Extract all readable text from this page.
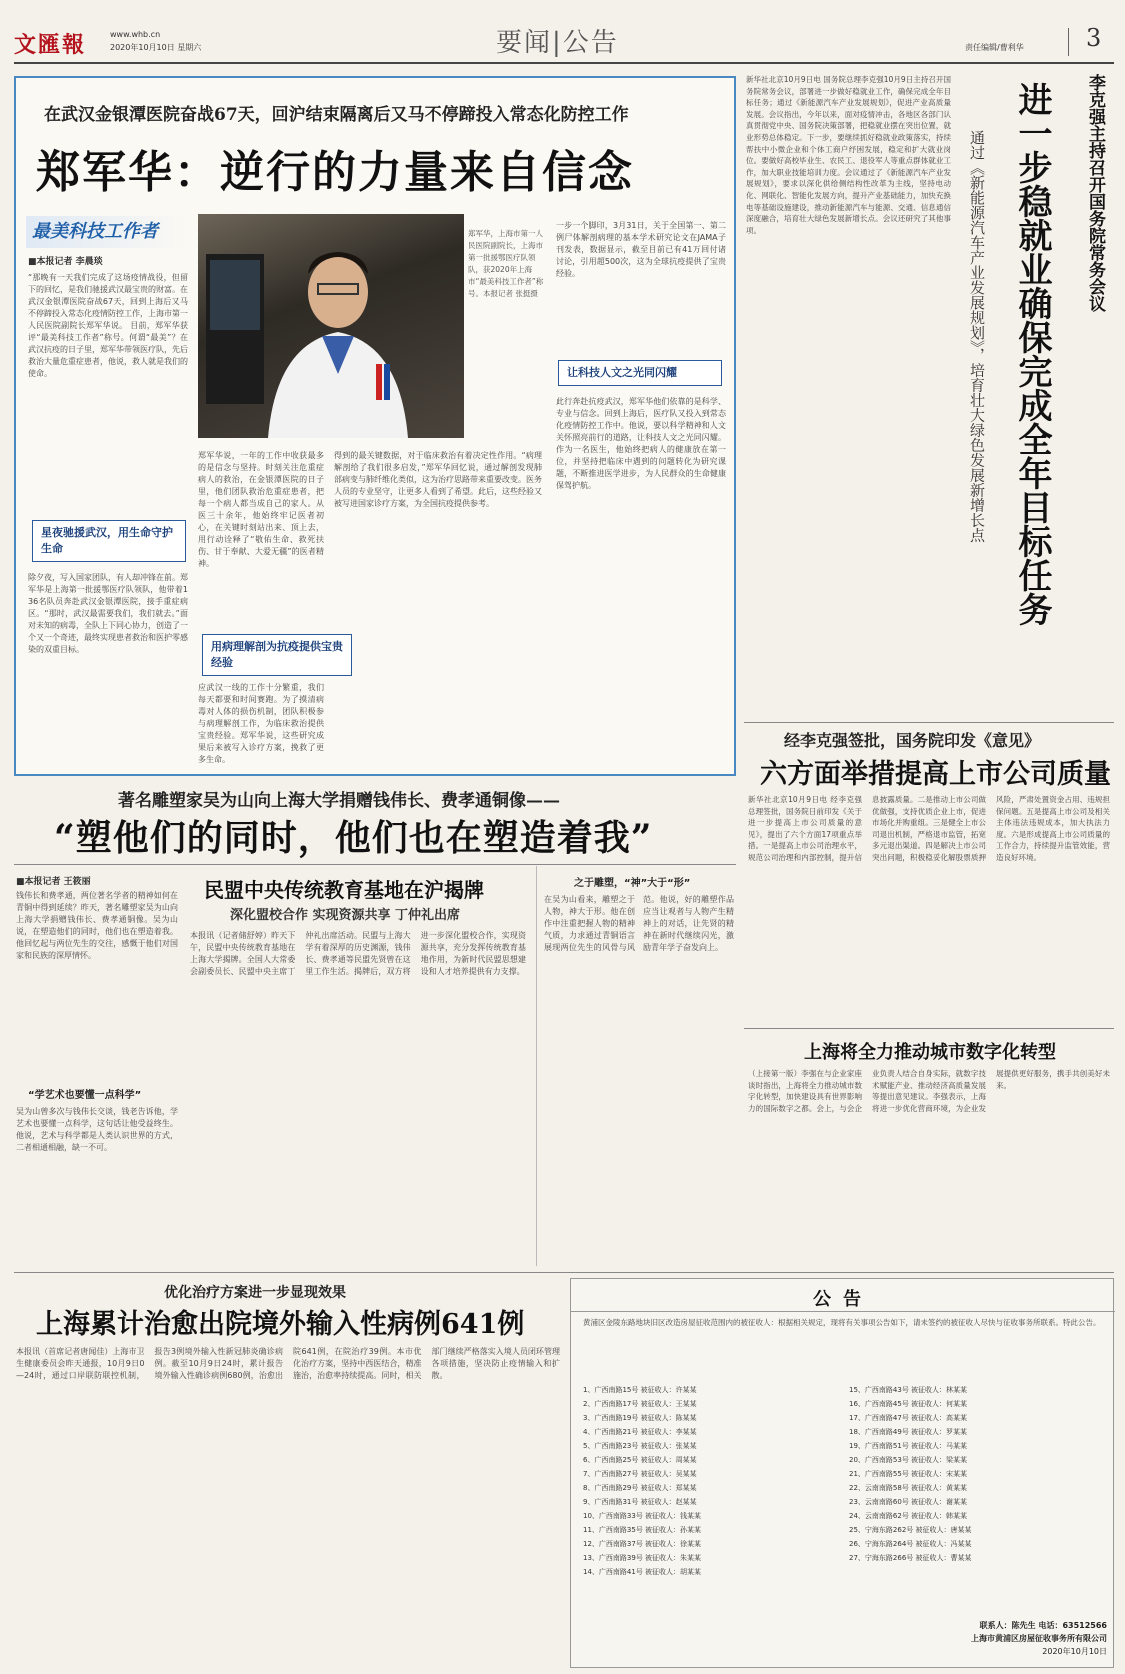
文匯報	www.whb.cn
2020年10月10日 星期六	要闻|公告	责任编辑/曹利华	3
在武汉金银潭医院奋战67天，回沪结束隔离后又马不停蹄投入常态化防控工作
郑军华：逆行的力量来自信念
最美科技工作者
■本报记者 李晨琰
“那晚有一天我们完成了这场疫情战役，但留下的回忆，是我们驰援武汉最宝贵的财富。在武汉金银潭医院奋战67天，回到上海后又马不停蹄投入常态化疫情防控工作，上海市第一人民医院副院长郑军华说。 目前，郑军华获评“最美科技工作者”称号。何谓“最美”？在武汉抗疫的日子里，郑军华带领医疗队，先后救治大量危重症患者，他说，救人就是我们的使命。
星夜驰援武汉，用生命守护生命
除夕夜，写入国家团队，有人却冲锋在前。郑军华是上海第一批援鄂医疗队领队，他带着136名队员奔赴武汉金银潭医院，接手重症病区。“那时，武汉最需要我们，我们就去。”面对未知的病毒，全队上下同心协力，创造了一个又一个奇迹，最终实现患者救治和医护零感染的双重目标。
郑军华，上海市第一人民医院副院长，上海市第一批援鄂医疗队领队，获2020年上海市“最美科技工作者”称号。本报记者 张挺摄
郑军华说，一年的工作中收获最多的是信念与坚持。时刻关注危重症病人的救治，在金银潭医院的日子里，他们团队救治危重症患者，把每一个病人都当成自己的家人。从医三十余年，他始终牢记医者初心，在关键时刻站出来、顶上去，用行动诠释了“敬佑生命、救死扶伤、甘于奉献、大爱无疆”的医者精神。
用病理解剖为抗疫提供宝贵经验
应武汉一线的工作十分繁重，我们每天都要和时间赛跑。为了摸清病毒对人体的损伤机制，团队积极参与病理解剖工作，为临床救治提供宝贵经验。郑军华说，这些研究成果后来被写入诊疗方案，挽救了更多生命。
得到的最关键数据，对于临床救治有着决定性作用。“病理解剖给了我们很多启发，”郑军华回忆说，通过解剖发现肺部病变与肺纤维化类似，这为治疗思路带来重要改变。医务人员的专业坚守，让更多人看到了希望。此后，这些经验又被写进国家诊疗方案，为全国抗疫提供参考。
一步一个脚印，3月31日，关于全国第一、第二例尸体解剖病理的基本学术研究论文在JAMA子刊发表，数据显示，截至目前已有41万回付诸讨论，引用超500次，这为全球抗疫提供了宝贵经验。
让科技人文之光同闪耀
此行奔赴抗疫武汉，郑军华他们依靠的是科学、专业与信念。回到上海后，医疗队又投入到常态化疫情防控工作中。他说，要以科学精神和人文关怀照亮前行的道路，让科技人文之光同闪耀。作为一名医生，他始终把病人的健康放在第一位，并坚持把临床中遇到的问题转化为研究课题，不断推进医学进步，为人民群众的生命健康保驾护航。
新华社北京10月9日电 国务院总理李克强10月9日主持召开国务院常务会议，部署进一步做好稳就业工作，确保完成全年目标任务；通过《新能源汽车产业发展规划》，促进产业高质量发展。会议指出，今年以来，面对疫情冲击，各地区各部门认真贯彻党中央、国务院决策部署，把稳就业摆在突出位置，就业形势总体稳定。下一步，要继续抓好稳就业政策落实，持续帮扶中小微企业和个体工商户纾困发展，稳定和扩大就业岗位。要做好高校毕业生、农民工、退役军人等重点群体就业工作，加大职业技能培训力度。会议通过了《新能源汽车产业发展规划》，要求以深化供给侧结构性改革为主线，坚持电动化、网联化、智能化发展方向，提升产业基础能力，加快充换电等基础设施建设，推动新能源汽车与能源、交通、信息通信深度融合，培育壮大绿色发展新增长点。会议还研究了其他事项。	通过《新能源汽车产业发展规划》，培育壮大绿色发展新增长点 进一步稳就业确保完成全年目标任务	李克强主持召开国务院常务会议
经李克强签批，国务院印发《意见》
六方面举措提高上市公司质量
新华社北京10月9日电 经李克强总理签批，国务院日前印发《关于进一步提高上市公司质量的意见》，提出了六个方面17项重点举措。一是提高上市公司治理水平，规范公司治理和内部控制，提升信息披露质量。二是推动上市公司做优做强，支持优质企业上市，促进市场化并购重组。三是健全上市公司退出机制，严格退市监管，拓宽多元退出渠道。四是解决上市公司突出问题，积极稳妥化解股票质押风险，严肃处置资金占用、违规担保问题。五是提高上市公司及相关主体违法违规成本，加大执法力度。六是形成提高上市公司质量的工作合力，持续提升监管效能，营造良好环境。
上海将全力推动城市数字化转型
（上接第一版）李强在与企业家座谈时指出，上海将全力推动城市数字化转型，加快建设具有世界影响力的国际数字之都。会上，与会企业负责人结合自身实际，就数字技术赋能产业、推动经济高质量发展等提出意见建议。李强表示，上海将进一步优化营商环境，为企业发展提供更好服务，携手共创美好未来。
著名雕塑家吴为山向上海大学捐赠钱伟长、费孝通铜像——
“塑他们的同时，他们也在塑造着我”
■本报记者 王筱丽
钱伟长和费孝通，两位著名学者的精神如何在青铜中得到延续？昨天，著名雕塑家吴为山向上海大学捐赠钱伟长、费孝通铜像。吴为山说，在塑造他们的同时，他们也在塑造着我。他回忆起与两位先生的交往，感慨于他们对国家和民族的深厚情怀。
“学艺术也要懂一点科学”
吴为山曾多次与钱伟长交谈，钱老告诉他，学艺术也要懂一点科学，这句话让他受益终生。他说，艺术与科学都是人类认识世界的方式，二者相通相融，缺一不可。
民盟中央传统教育基地在沪揭牌
深化盟校合作 实现资源共享 丁仲礼出席
本报讯（记者储舒婷）昨天下午，民盟中央传统教育基地在上海大学揭牌。全国人大常委会副委员长、民盟中央主席丁仲礼出席活动。民盟与上海大学有着深厚的历史渊源，钱伟长、费孝通等民盟先贤曾在这里工作生活。揭牌后，双方将进一步深化盟校合作，实现资源共享，充分发挥传统教育基地作用，为新时代民盟思想建设和人才培养提供有力支撑。
之于雕塑，“神”大于“形”
在吴为山看来，雕塑之于人物，神大于形。他在创作中注重把握人物的精神气质，力求通过青铜语言展现两位先生的风骨与风范。他说，好的雕塑作品应当让观者与人物产生精神上的对话，让先贤的精神在新时代继续闪光，激励青年学子奋发向上。
优化治疗方案进一步显现效果
上海累计治愈出院境外输入性病例641例
本报讯（首席记者唐闻佳）上海市卫生健康委员会昨天通报，10月9日0—24时，通过口岸联防联控机制，报告3例境外输入性新冠肺炎确诊病例。截至10月9日24时，累计报告境外输入性确诊病例680例，治愈出院641例，在院治疗39例。本市优化治疗方案，坚持中西医结合，精准施治，治愈率持续提高。同时，相关部门继续严格落实入境人员闭环管理各项措施，坚决防止疫情输入和扩散。
公告
黄浦区金陵东路地块旧区改造房屋征收范围内的被征收人：根据相关规定，现将有关事项公告如下，请未签约的被征收人尽快与征收事务所联系。特此公告。
1、广西南路15号 被征收人：许某某
2、广西南路17号 被征收人：王某某
3、广西南路19号 被征收人：陈某某
4、广西南路21号 被征收人：李某某
5、广西南路23号 被征收人：张某某
6、广西南路25号 被征收人：周某某
7、广西南路27号 被征收人：吴某某
8、广西南路29号 被征收人：郑某某
9、广西南路31号 被征收人：赵某某
10、广西南路33号 被征收人：钱某某
11、广西南路35号 被征收人：孙某某
12、广西南路37号 被征收人：徐某某
13、广西南路39号 被征收人：朱某某
14、广西南路41号 被征收人：胡某某
15、广西南路43号 被征收人：林某某
16、广西南路45号 被征收人：何某某
17、广西南路47号 被征收人：高某某
18、广西南路49号 被征收人：罗某某
19、广西南路51号 被征收人：马某某
20、广西南路53号 被征收人：梁某某
21、广西南路55号 被征收人：宋某某
22、云南南路58号 被征收人：黄某某
23、云南南路60号 被征收人：谢某某
24、云南南路62号 被征收人：韩某某
25、宁海东路262号 被征收人：唐某某
26、宁海东路264号 被征收人：冯某某
27、宁海东路266号 被征收人：曹某某
联系人：陈先生 电话：63512566
上海市黄浦区房屋征收事务所有限公司
2020年10月10日
